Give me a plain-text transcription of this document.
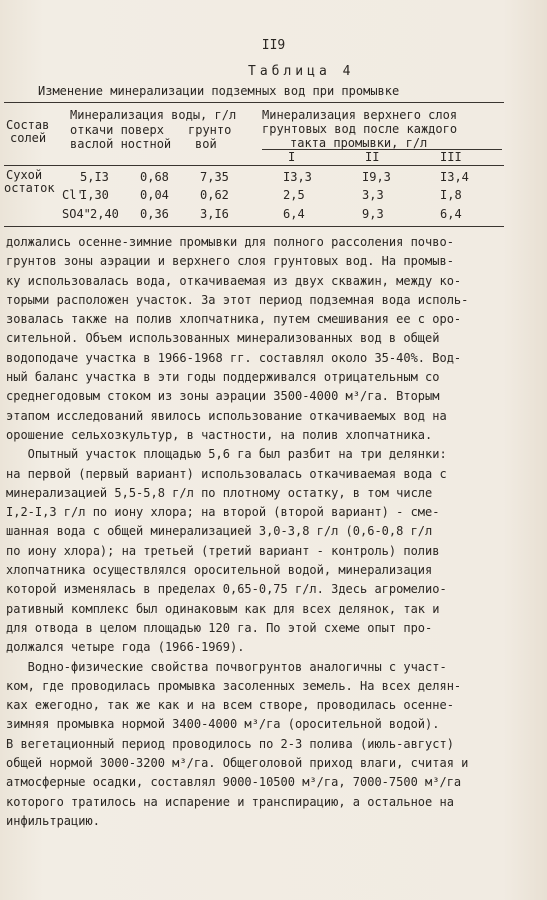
II9
Таблица 4
Изменение минерализации подземных вод при промывке
Состав
солей
Минерализация воды, г/л
откачи поверх
васлой ностной
грунто
вой
Минерализация верхнего слоя
грунтовых вод после каждого
такта промывки, г/л
I	II	III
Сухой
остаток
5,I3	0,68	7,35	I3,3	I9,3	I3,4
Cl'
I,30	0,04	0,62	2,5	3,3	I,8
SO4" 2,40 0,36	3,I6	6,4	9,3	6,4

должались осенне-зимние промывки для полного рассоления почво-
грунтов зоны аэрации и верхнего слоя грунтовых вод. На промыв-
ку использовалась вода, откачиваемая из двух скважин, между ко-
торыми расположен участок. За этот период подземная вода исполь-
зовалась также на полив хлопчатника, путем смешивания ее с оро-
сительной. Объем использованных минерализованных вод в общей
водоподаче участка в 1966-1968 гг. составлял около 35-40%. Вод-
ный баланс участка в эти годы поддерживался отрицательным со
среднегодовым стоком из зоны аэрации 3500-4000 м³/га. Вторым
этапом исследований явилось использование откачиваемых вод на
орошение сельхозкультур, в частности, на полив хлопчатника.

Опытный участок площадью 5,6 га был разбит на три делянки:
на первой (первый вариант) использовалась откачиваемая вода с
минерализацией 5,5-5,8 г/л по плотному остатку, в том числе
I,2-I,3 г/л по иону хлора; на второй (второй вариант) - сме-
шанная вода с общей минерализацией 3,0-3,8 г/л (0,6-0,8 г/л
по иону хлора); на третьей (третий вариант - контроль) полив
хлопчатника осуществлялся оросительной водой, минерализация
которой изменялась в пределах 0,65-0,75 г/л. Здесь агромелио-
ративный комплекс был одинаковым как для всех делянок, так и
для отвода в целом площадью 120 га. По этой схеме опыт про-
должался четыре года (1966-1969).

Водно-физические свойства почвогрунтов аналогичны с участ-
ком, где проводилась промывка засоленных земель. На всех делян-
ках ежегодно, так же как и на всем створе, проводилась осенне-
зимняя промывка нормой 3400-4000 м³/га (оросительной водой).
В вегетационный период проводилось по 2-3 полива (июль-август)
общей нормой 3000-3200 м³/га. Общеголовой приход влаги, считая и
атмосферные осадки, составлял 9000-10500 м³/га, 7000-7500 м³/га
которого тратилось на испарение и транспирацию, а остальное на
инфильтрацию.
